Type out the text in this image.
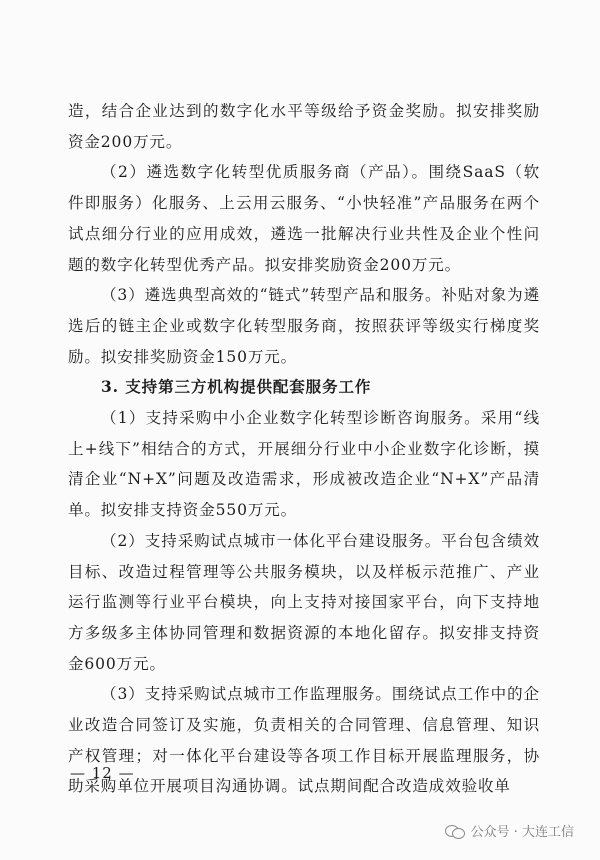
造，结合企业达到的数字化水平等级给予资金奖励。拟安排奖励资金200万元。

（2）遴选数字化转型优质服务商（产品）。围绕SaaS（软件即服务）化服务、上云用云服务、“小快轻准”产品服务在两个试点细分行业的应用成效，遴选一批解决行业共性及企业个性问题的数字化转型优秀产品。拟安排奖励资金200万元。

（3）遴选典型高效的“链式”转型产品和服务。补贴对象为遴选后的链主企业或数字化转型服务商，按照获评等级实行梯度奖励。拟安排奖励资金150万元。

3. 支持第三方机构提供配套服务工作

（1）支持采购中小企业数字化转型诊断咨询服务。采用“线上+线下”相结合的方式，开展细分行业中小企业数字化诊断，摸清企业“N+X”问题及改造需求，形成被改造企业“N+X”产品清单。拟安排支持资金550万元。

（2）支持采购试点城市一体化平台建设服务。平台包含绩效目标、改造过程管理等公共服务模块，以及样板示范推广、产业运行监测等行业平台模块，向上支持对接国家平台，向下支持地方多级多主体协同管理和数据资源的本地化留存。拟安排支持资金600万元。

（3）支持采购试点城市工作监理服务。围绕试点工作中的企业改造合同签订及实施，负责相关的合同管理、信息管理、知识产权管理；对一体化平台建设等各项工作目标开展监理服务，协助采购单位开展项目沟通协调。试点期间配合改造成效验收单

— 12 —
公众号 · 大连工信
